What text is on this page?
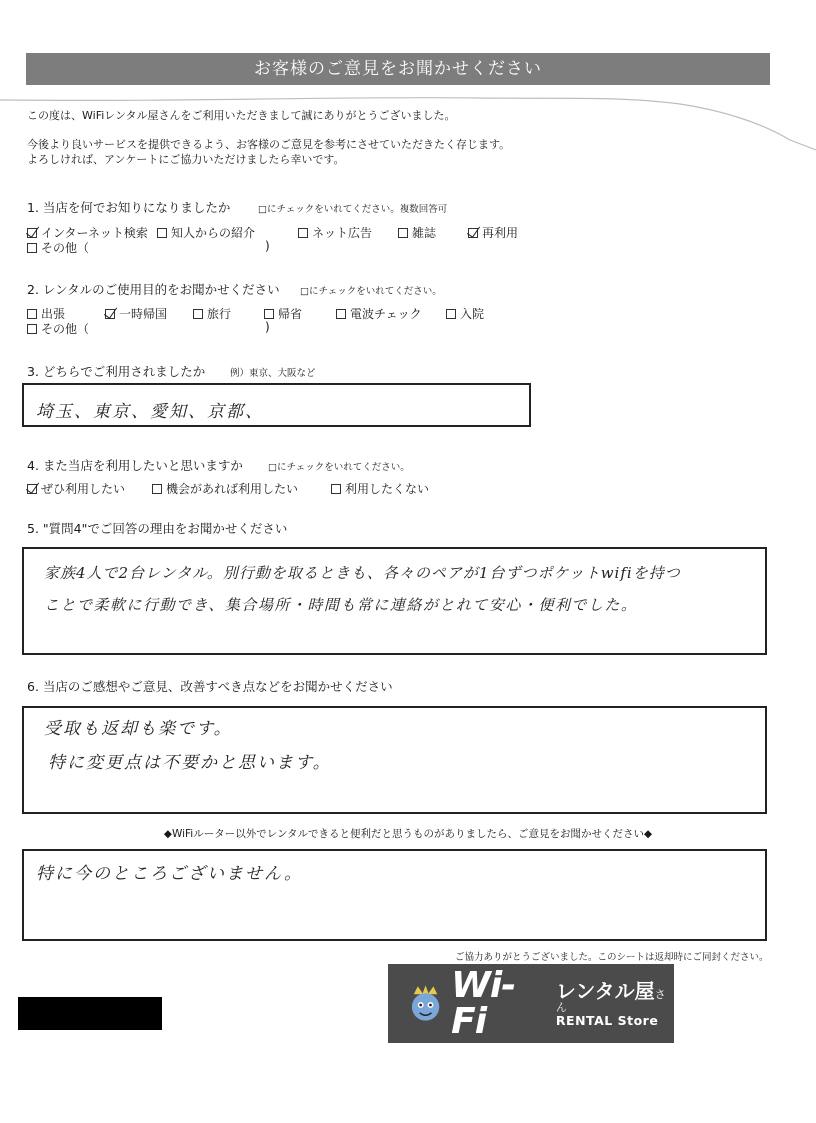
お客様のご意見をお聞かせください
この度は、WiFiレンタル屋さんをご利用いただきまして誠にありがとうございました。
今後より良いサービスを提供できるよう、お客様のご意見を参考にさせていただきたく存じます。
よろしければ、アンケートにご協力いただけましたら幸いです。
1. 当店を何でお知りになりましたか	□にチェックをいれてください。複数回答可
インターネット検索 知人からの紹介	ネット広告	雑誌	再利用
その他（	)
2. レンタルのご使用目的をお聞かせください □にチェックをいれてください。
出張	一時帰国	旅行	帰省	電波チェック	入院
その他（	)
3. どちらでご利用されましたか	例）東京、大阪など
埼玉、東京、愛知、京都、
4. また当店を利用したいと思いますか	□にチェックをいれてください。
ぜひ利用したい	機会があれば利用したい	利用したくない
5. "質問4"でご回答の理由をお聞かせください
家族4人で2台レンタル。別行動を取るときも、各々のペアが1台ずつポケットwifiを持つ
ことで柔軟に行動でき、集合場所・時間も常に連絡がとれて安心・便利でした。
6. 当店のご感想やご意見、改善すべき点などをお聞かせください
受取も返却も楽です。
特に変更点は不要かと思います。
◆WiFiルーター以外でレンタルできると便利だと思うものがありましたら、ご意見をお聞かせください◆
特に今のところございません。
ご協力ありがとうございました。このシートは返却時にご同封ください。
Wi-Fi
レンタル屋さん
RENTAL Store
